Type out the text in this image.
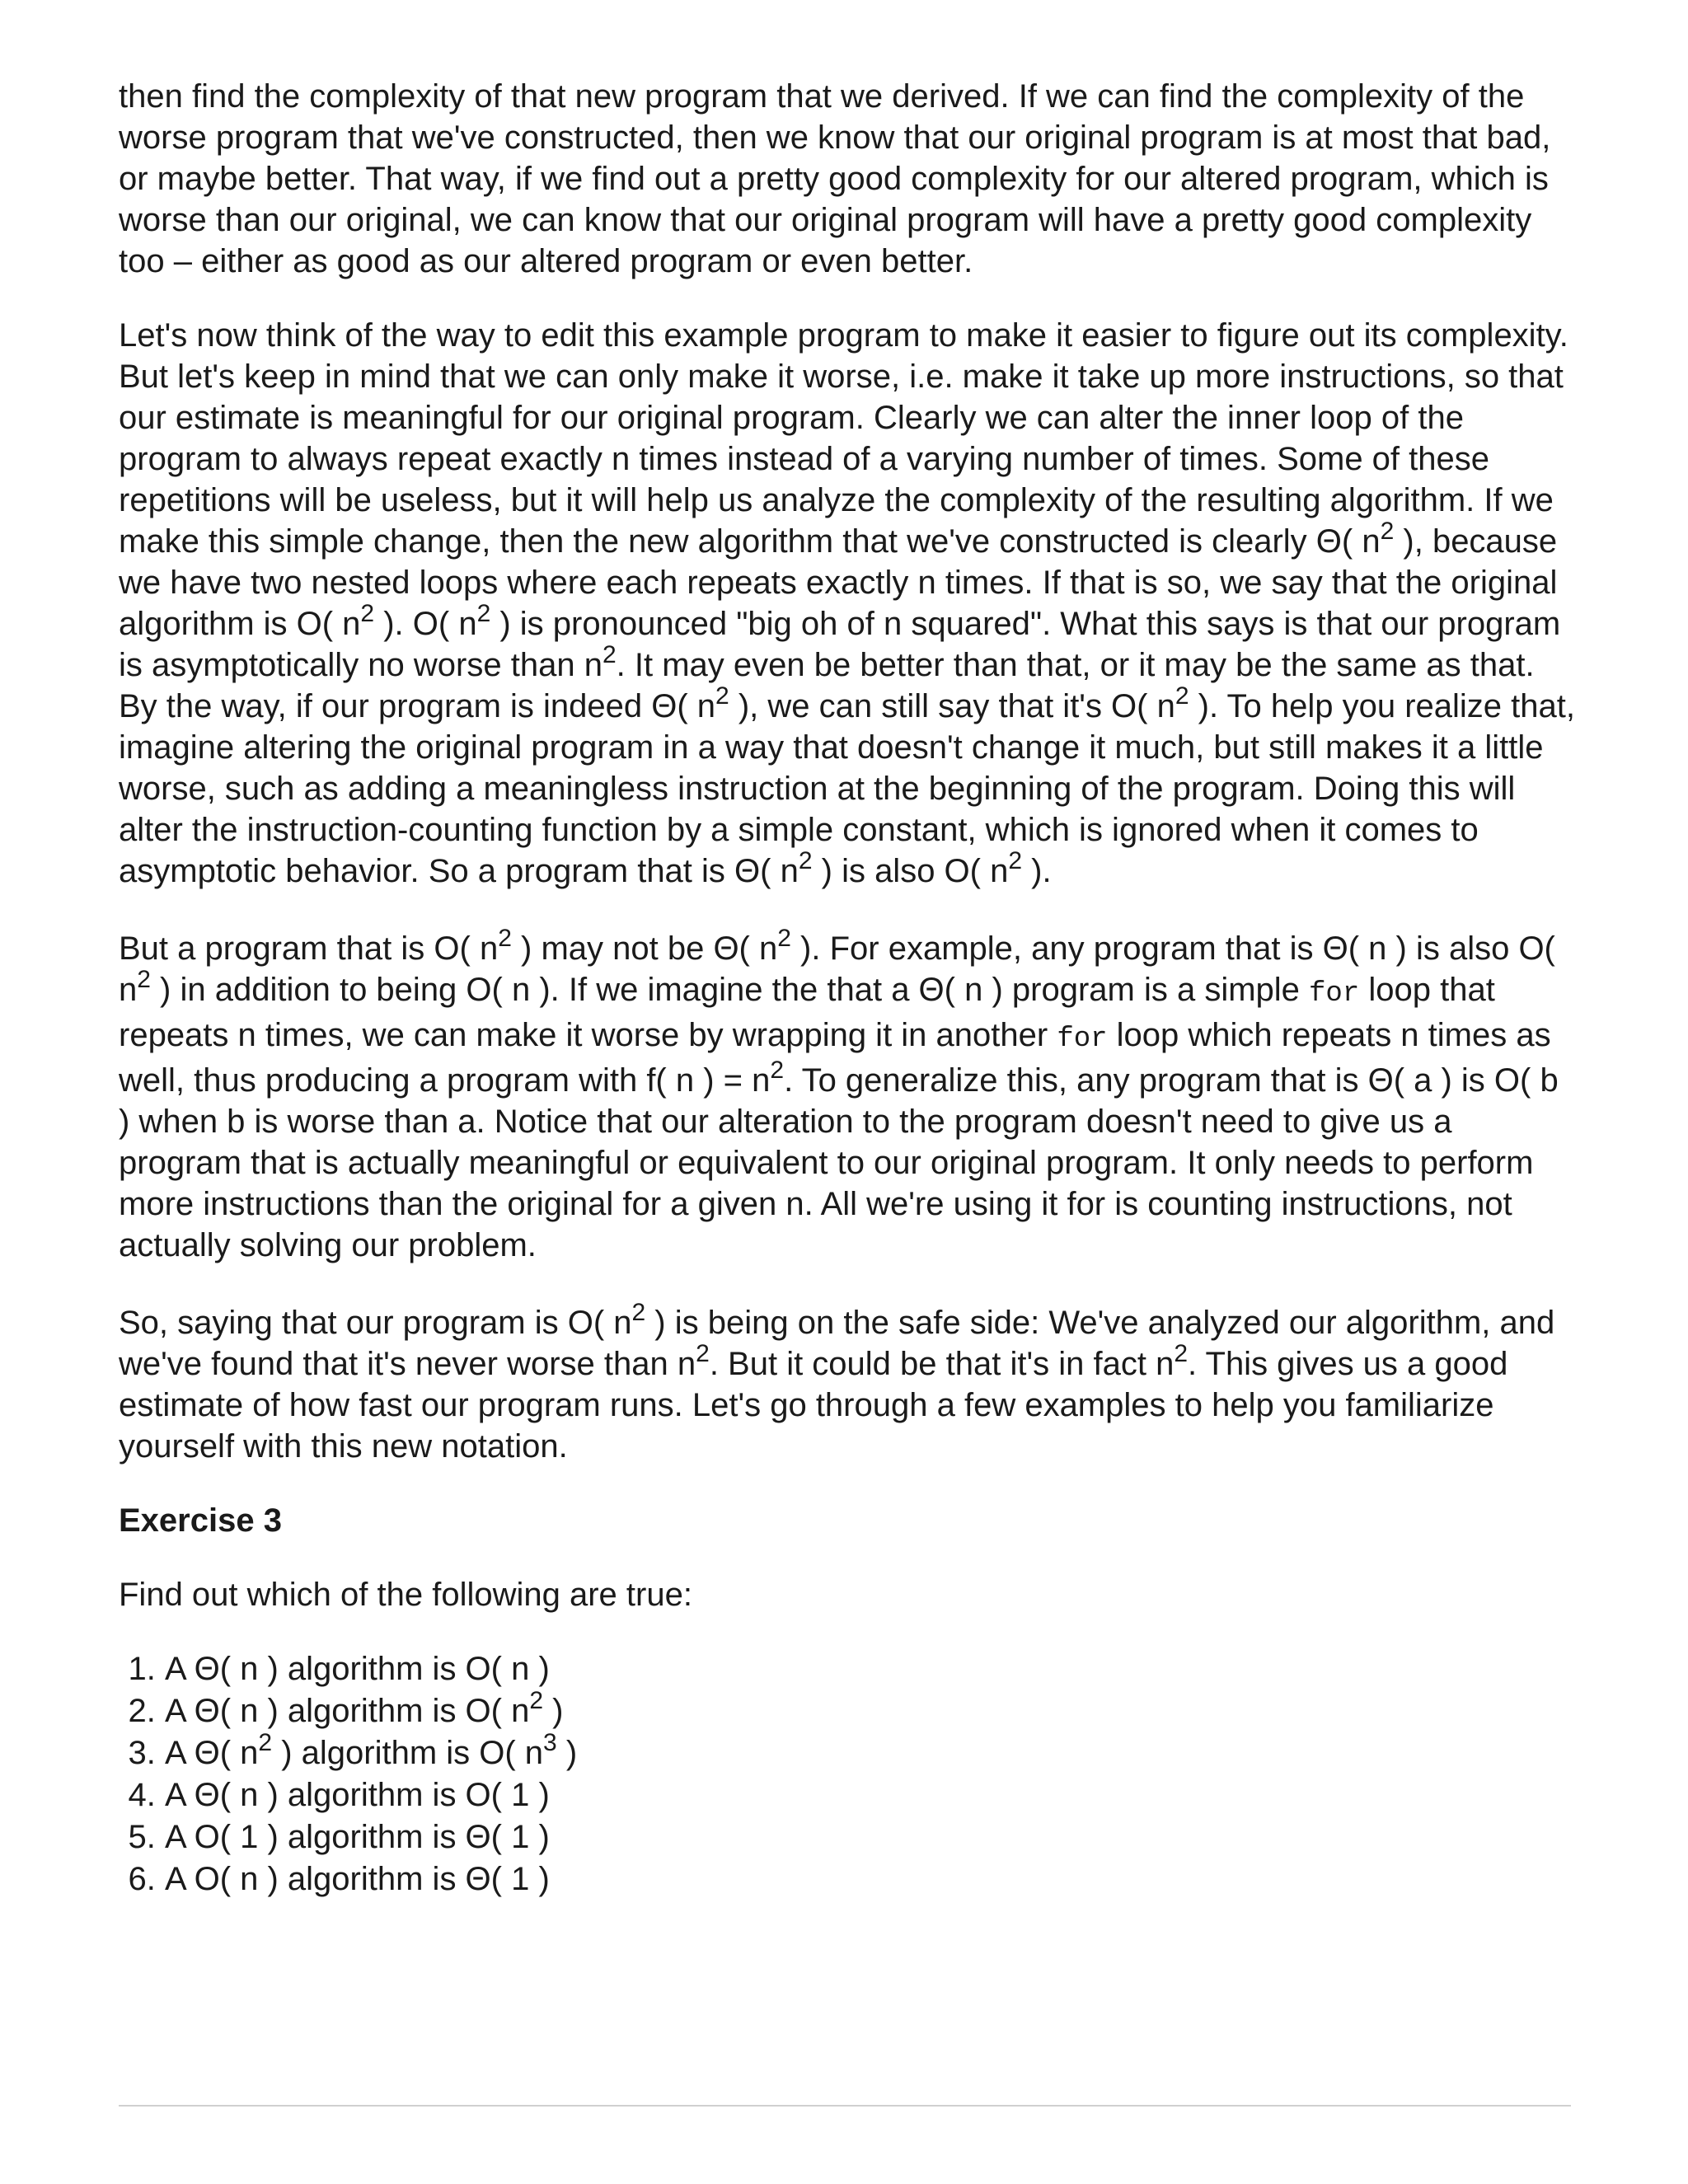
then find the complexity of that new program that we derived. If we can find the complexity of the worse program that we've constructed, then we know that our original program is at most that bad, or maybe better. That way, if we find out a pretty good complexity for our altered program, which is worse than our original, we can know that our original program will have a pretty good complexity too – either as good as our altered program or even better.

Let's now think of the way to edit this example program to make it easier to figure out its complexity. But let's keep in mind that we can only make it worse, i.e. make it take up more instructions, so that our estimate is meaningful for our original program. Clearly we can alter the inner loop of the program to always repeat exactly n times instead of a varying number of times. Some of these repetitions will be useless, but it will help us analyze the complexity of the resulting algorithm. If we make this simple change, then the new algorithm that we've constructed is clearly Θ( $n^2$ ), because we have two nested loops where each repeats exactly n times. If that is so, we say that the original algorithm is O( $n^2$ ). O( $n^2$ ) is pronounced "big oh of n squared". What this says is that our program is asymptotically no worse than $n^2$. It may even be better than that, or it may be the same as that. By the way, if our program is indeed Θ( $n^2$ ), we can still say that it's O( $n^2$ ). To help you realize that, imagine altering the original program in a way that doesn't change it much, but still makes it a little worse, such as adding a meaningless instruction at the beginning of the program. Doing this will alter the instruction-counting function by a simple constant, which is ignored when it comes to asymptotic behavior. So a program that is Θ( $n^2$ ) is also O( $n^2$ ).

But a program that is O( $n^2$ ) may not be Θ( $n^2$ ). For example, any program that is Θ( n ) is also O( $n^2$ ) in addition to being O( n ). If we imagine the that a Θ( n ) program is a simple for loop that repeats n times, we can make it worse by wrapping it in another for loop which repeats n times as well, thus producing a program with f( n ) = $n^2$. To generalize this, any program that is Θ( a ) is O( b ) when b is worse than a. Notice that our alteration to the program doesn't need to give us a program that is actually meaningful or equivalent to our original program. It only needs to perform more instructions than the original for a given n. All we're using it for is counting instructions, not actually solving our problem.

So, saying that our program is O( $n^2$ ) is being on the safe side: We've analyzed our algorithm, and we've found that it's never worse than $n^2$. But it could be that it's in fact $n^2$. This gives us a good estimate of how fast our program runs. Let's go through a few examples to help you familiarize yourself with this new notation.

Exercise 3

Find out which of the following are true:

1. A Θ( n ) algorithm is O( n )
2. A Θ( n ) algorithm is O( $n^2$ )
3. A Θ( $n^2$ ) algorithm is O( $n^3$ )
4. A Θ( n ) algorithm is O( 1 )
5. A O( 1 ) algorithm is Θ( 1 )
6. A O( n ) algorithm is Θ( 1 )
